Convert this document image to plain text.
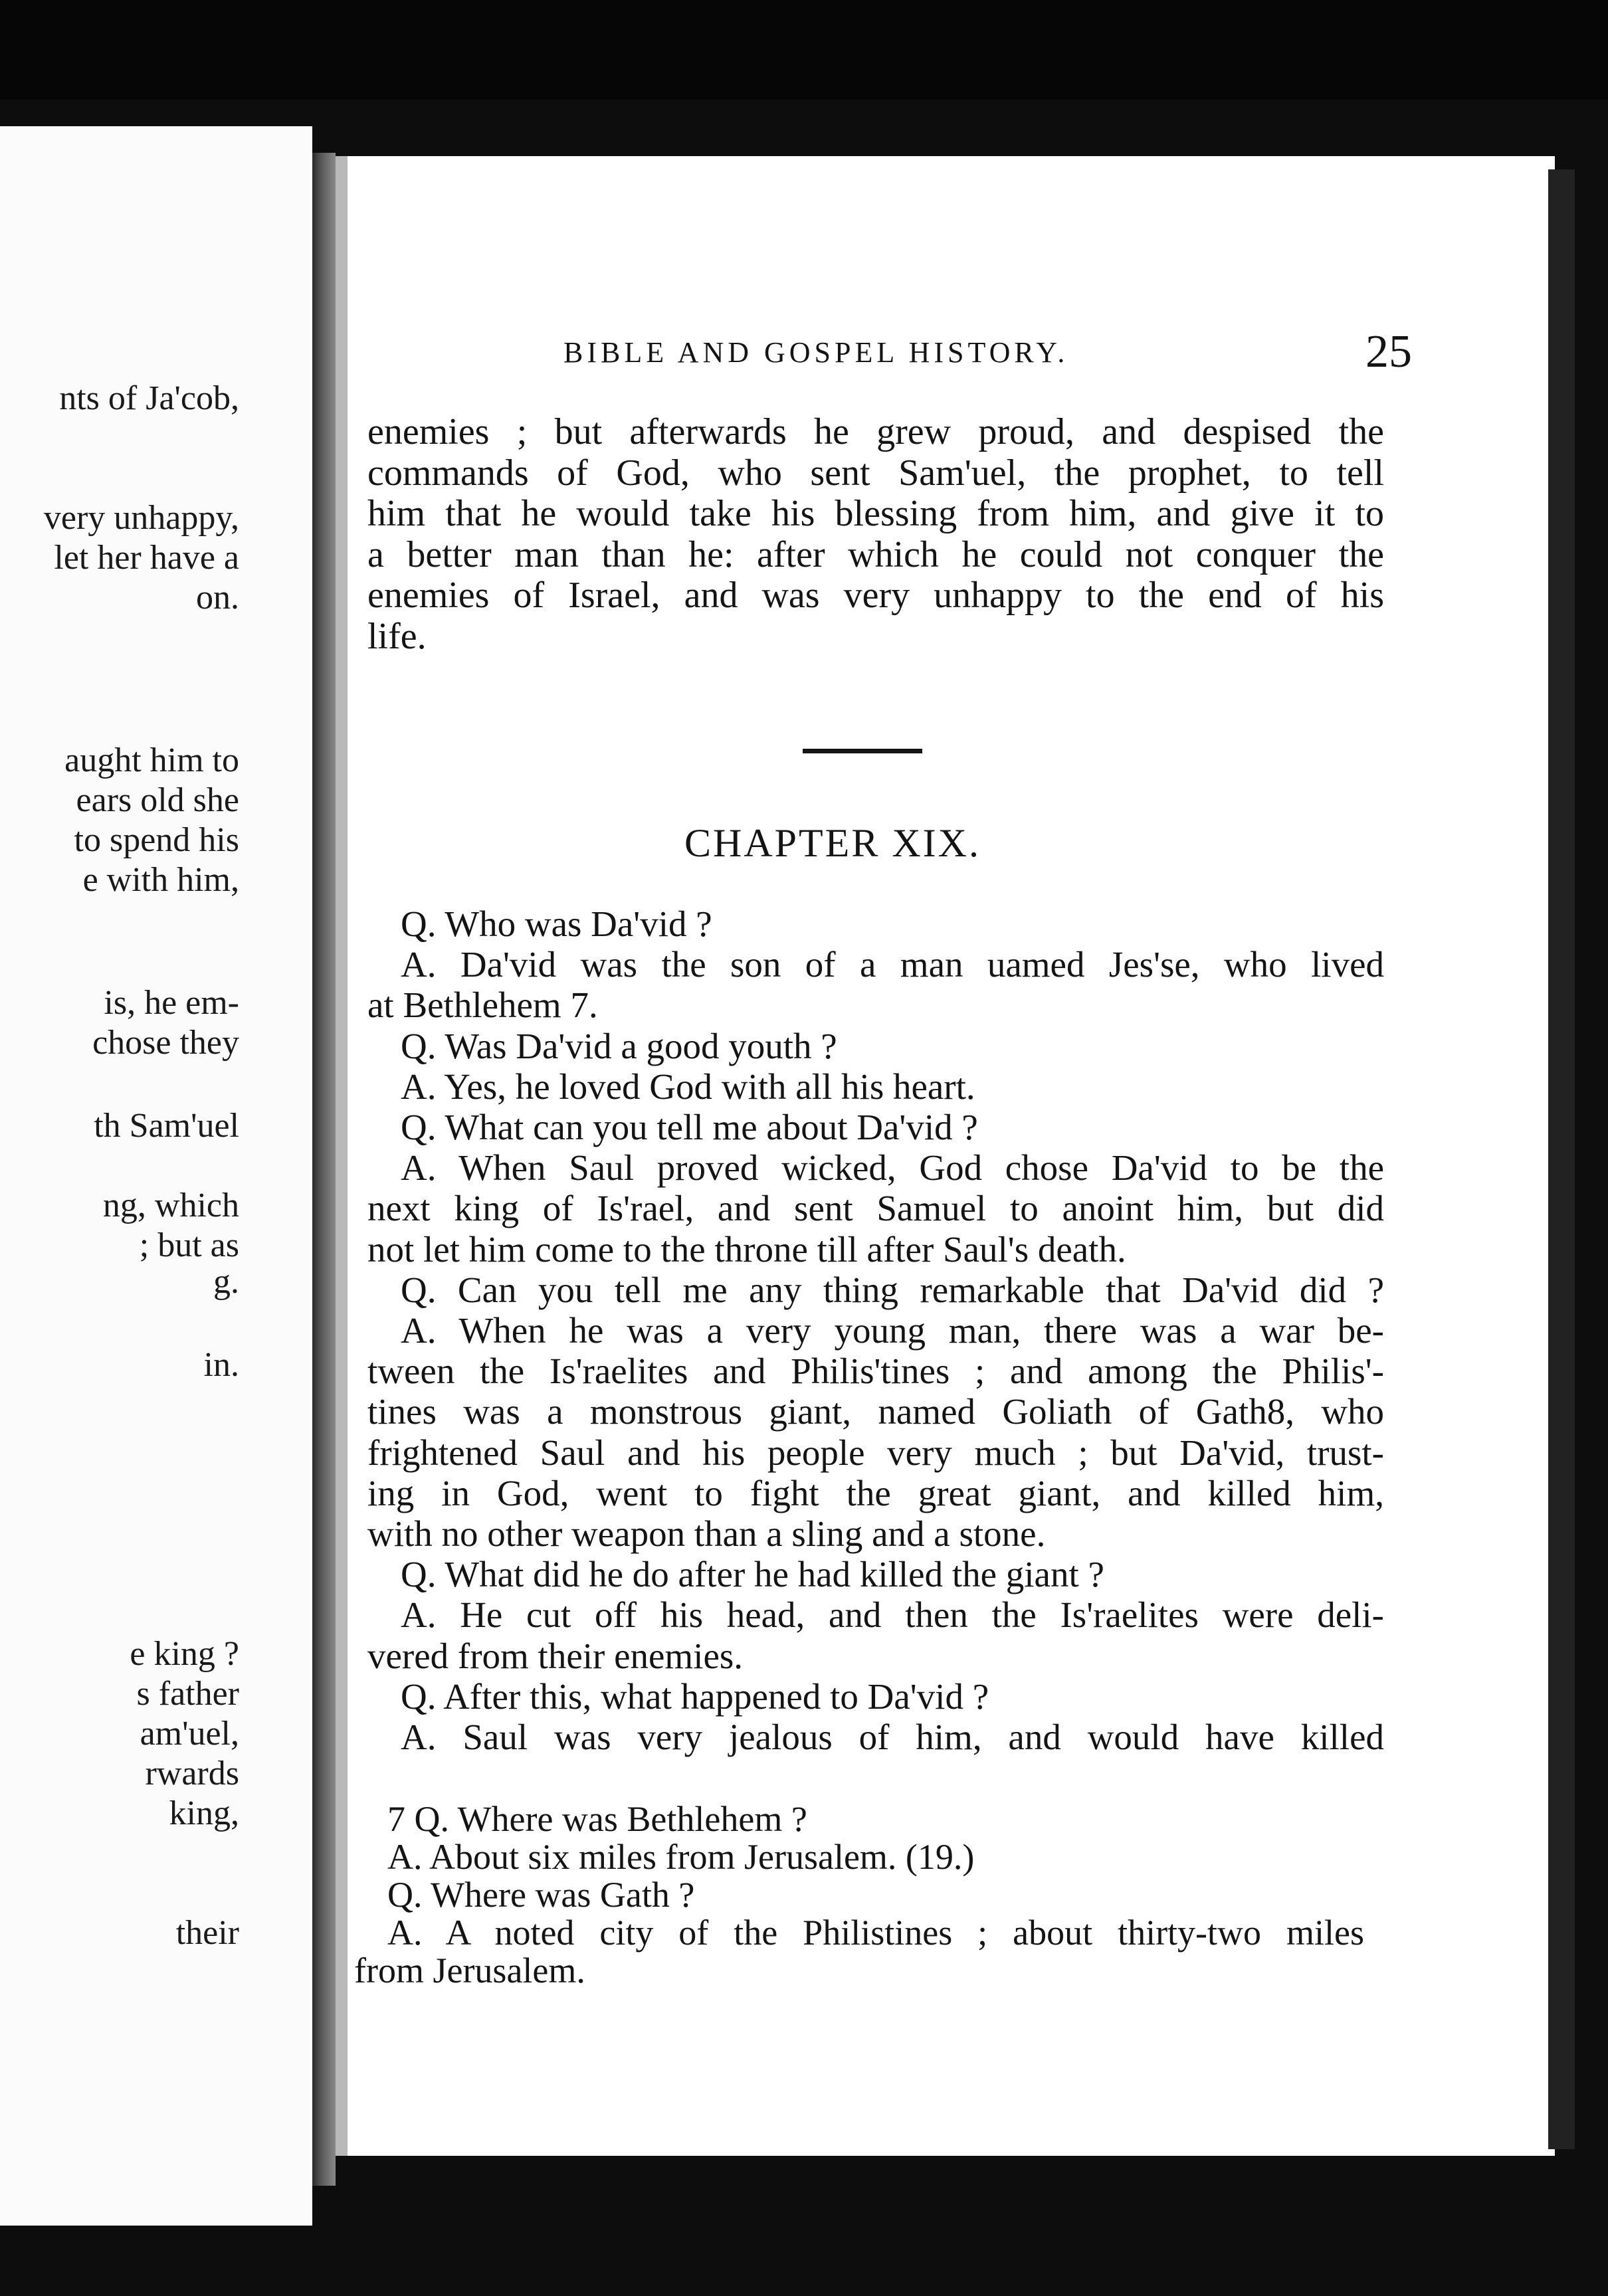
nts of Ja'cob,
very unhappy,
let her have a
on.
aught him to
ears old she
to spend his
e with him,
is, he em-
chose they
th Sam'uel
ng, which
; but as
g.
in.
e king ?
s father
am'uel,
rwards
king,
their
BIBLE AND GOSPEL HISTORY.	25
enemies ; but afterwards he grew proud, and despised the
commands of God, who sent Sam'uel, the prophet, to tell
him that he would take his blessing from him, and give it to
a better man than he: after which he could not conquer the
enemies of Israel, and was very unhappy to the end of his
life.
CHAPTER XIX.
Q. Who was Da'vid ?
A. Da'vid was the son of a man uamed Jes'se, who lived
at Bethlehem 7.
Q. Was Da'vid a good youth ?
A. Yes, he loved God with all his heart.
Q. What can you tell me about Da'vid ?
A. When Saul proved wicked, God chose Da'vid to be the
next king of Is'rael, and sent Samuel to anoint him, but did
not let him come to the throne till after Saul's death.
Q. Can you tell me any thing remarkable that Da'vid did ?
A. When he was a very young man, there was a war be-
tween the Is'raelites and Philis'tines ; and among the Philis'-
tines was a monstrous giant, named Goliath of Gath8, who
frightened Saul and his people very much ; but Da'vid, trust-
ing in God, went to fight the great giant, and killed him,
with no other weapon than a sling and a stone.
Q. What did he do after he had killed the giant ?
A. He cut off his head, and then the Is'raelites were deli-
vered from their enemies.
Q. After this, what happened to Da'vid ?
A. Saul was very jealous of him, and would have killed
7 Q. Where was Bethlehem ?
A. About six miles from Jerusalem. (19.)
Q. Where was Gath ?
A. A noted city of the Philistines ; about thirty-two miles
from Jerusalem.
